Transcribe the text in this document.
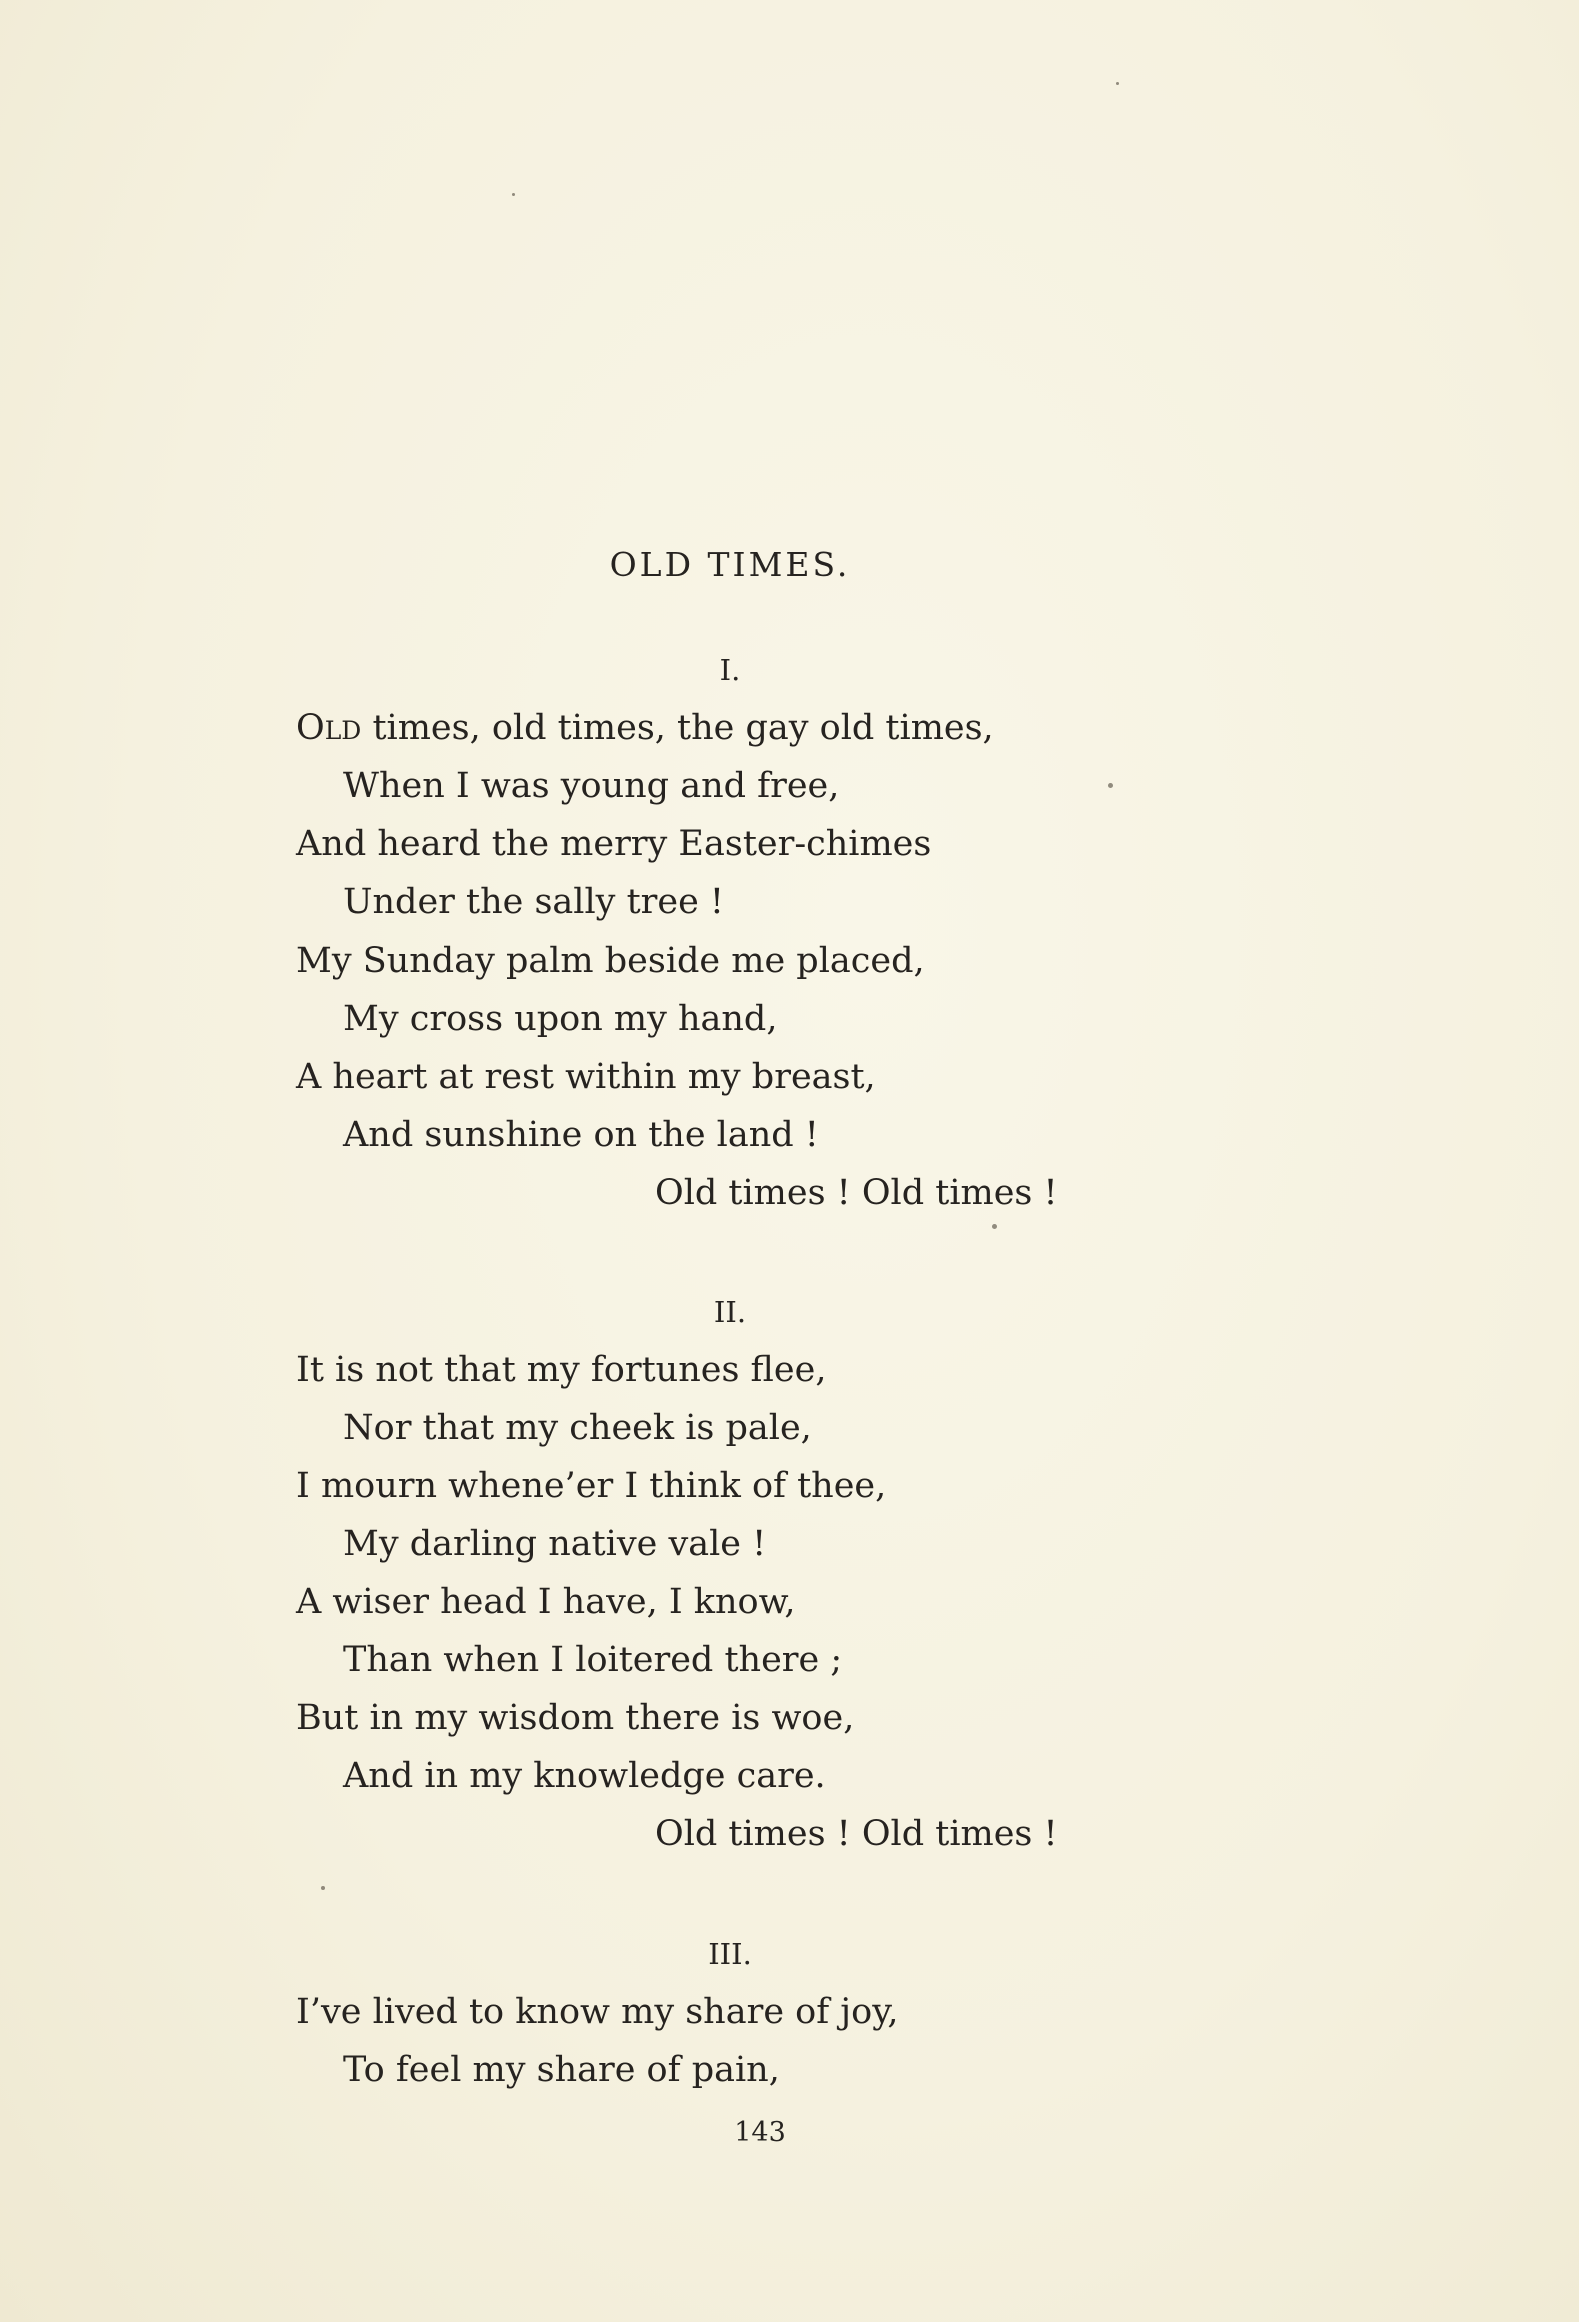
OLD TIMES.
I.
Old times, old times, the gay old times,
When I was young and free,
And heard the merry Easter-chimes
Under the sally tree !
My Sunday palm beside me placed,
My cross upon my hand,
A heart at rest within my breast,
And sunshine on the land !
Old times ! Old times !
II.
It is not that my fortunes flee,
Nor that my cheek is pale,
I mourn whene’er I think of thee,
My darling native vale !
A wiser head I have, I know,
Than when I loitered there ;
But in my wisdom there is woe,
And in my knowledge care.
Old times ! Old times !
III.
I’ve lived to know my share of joy,
To feel my share of pain,
143
